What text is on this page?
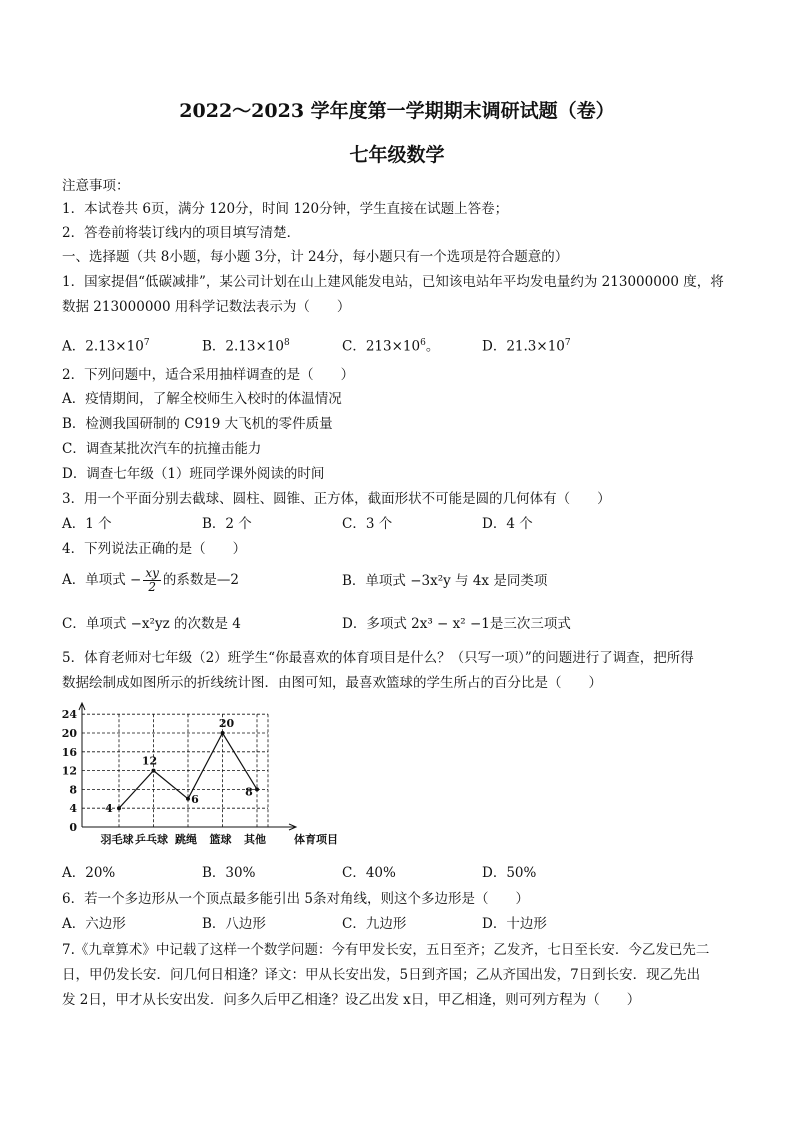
2022～2023 学年度第一学期期末调研试题（卷）
七年级数学
注意事项：
1．本试卷共 6页，满分 120分，时间 120分钟，学生直接在试题上答卷；
2．答卷前将装订线内的项目填写清楚．
一、选择题（共 8小题，每小题 3分，计 24分，每小题只有一个选项是符合题意的）
1．国家提倡“低碳减排”，某公司计划在山上建风能发电站，已知该电站年平均发电量约为 213000000 度，将
数据 213000000 用科学记数法表示为（　　）
A．$2.13\times 10^7$	B．$2.13\times 10^8$	C．$213\times 10^6$。	D．$21.3\times 10^7$
2．下列问题中，适合采用抽样调查的是（　　）
A．疫情期间，了解全校师生入校时的体温情况
B．检测我国研制的 C919 大飞机的零件质量
C．调查某批次汽车的抗撞击能力
D．调查七年级（1）班同学课外阅读的时间
3．用一个平面分别去截球、圆柱、圆锥、正方体，截面形状不可能是圆的几何体有（　　）
A．1 个	B．2 个	C．3 个	D．4 个
4．下列说法正确的是（　　）
A．单项式 − $\frac{xy}{2}$ 的系数是—2	B．单项式 −3x²y 与 4x 是同类项
C．单项式 −x²yz 的次数是 4	D．多项式 2x³ − x² −1是三次三项式
5．体育老师对七年级（2）班学生“你最喜欢的体育项目是什么？（只写一项）”的问题进行了调查，把所得
数据绘制成如图所示的折线统计图．由图可知，最喜欢篮球的学生所占的百分比是（　　）
0
4
8
12
16
20
24
4
12
6
20
8
羽毛球 乒乓球 跳绳 篮球 其他	体育项目
A．20%	B．30%	C．40%	D．50%
6．若一个多边形从一个顶点最多能引出 5条对角线，则这个多边形是（　　）
A．六边形	B．八边形	C．九边形	D．十边形
7.《九章算术》中记载了这样一个数学问题：今有甲发长安，五日至齐；乙发齐，七日至长安．今乙发已先二
日，甲仍发长安．问几何日相逢？译文：甲从长安出发，5日到齐国；乙从齐国出发，7日到长安．现乙先出
发 2日，甲才从长安出发．问多久后甲乙相逢？设乙出发 x日，甲乙相逢，则可列方程为（　　）
